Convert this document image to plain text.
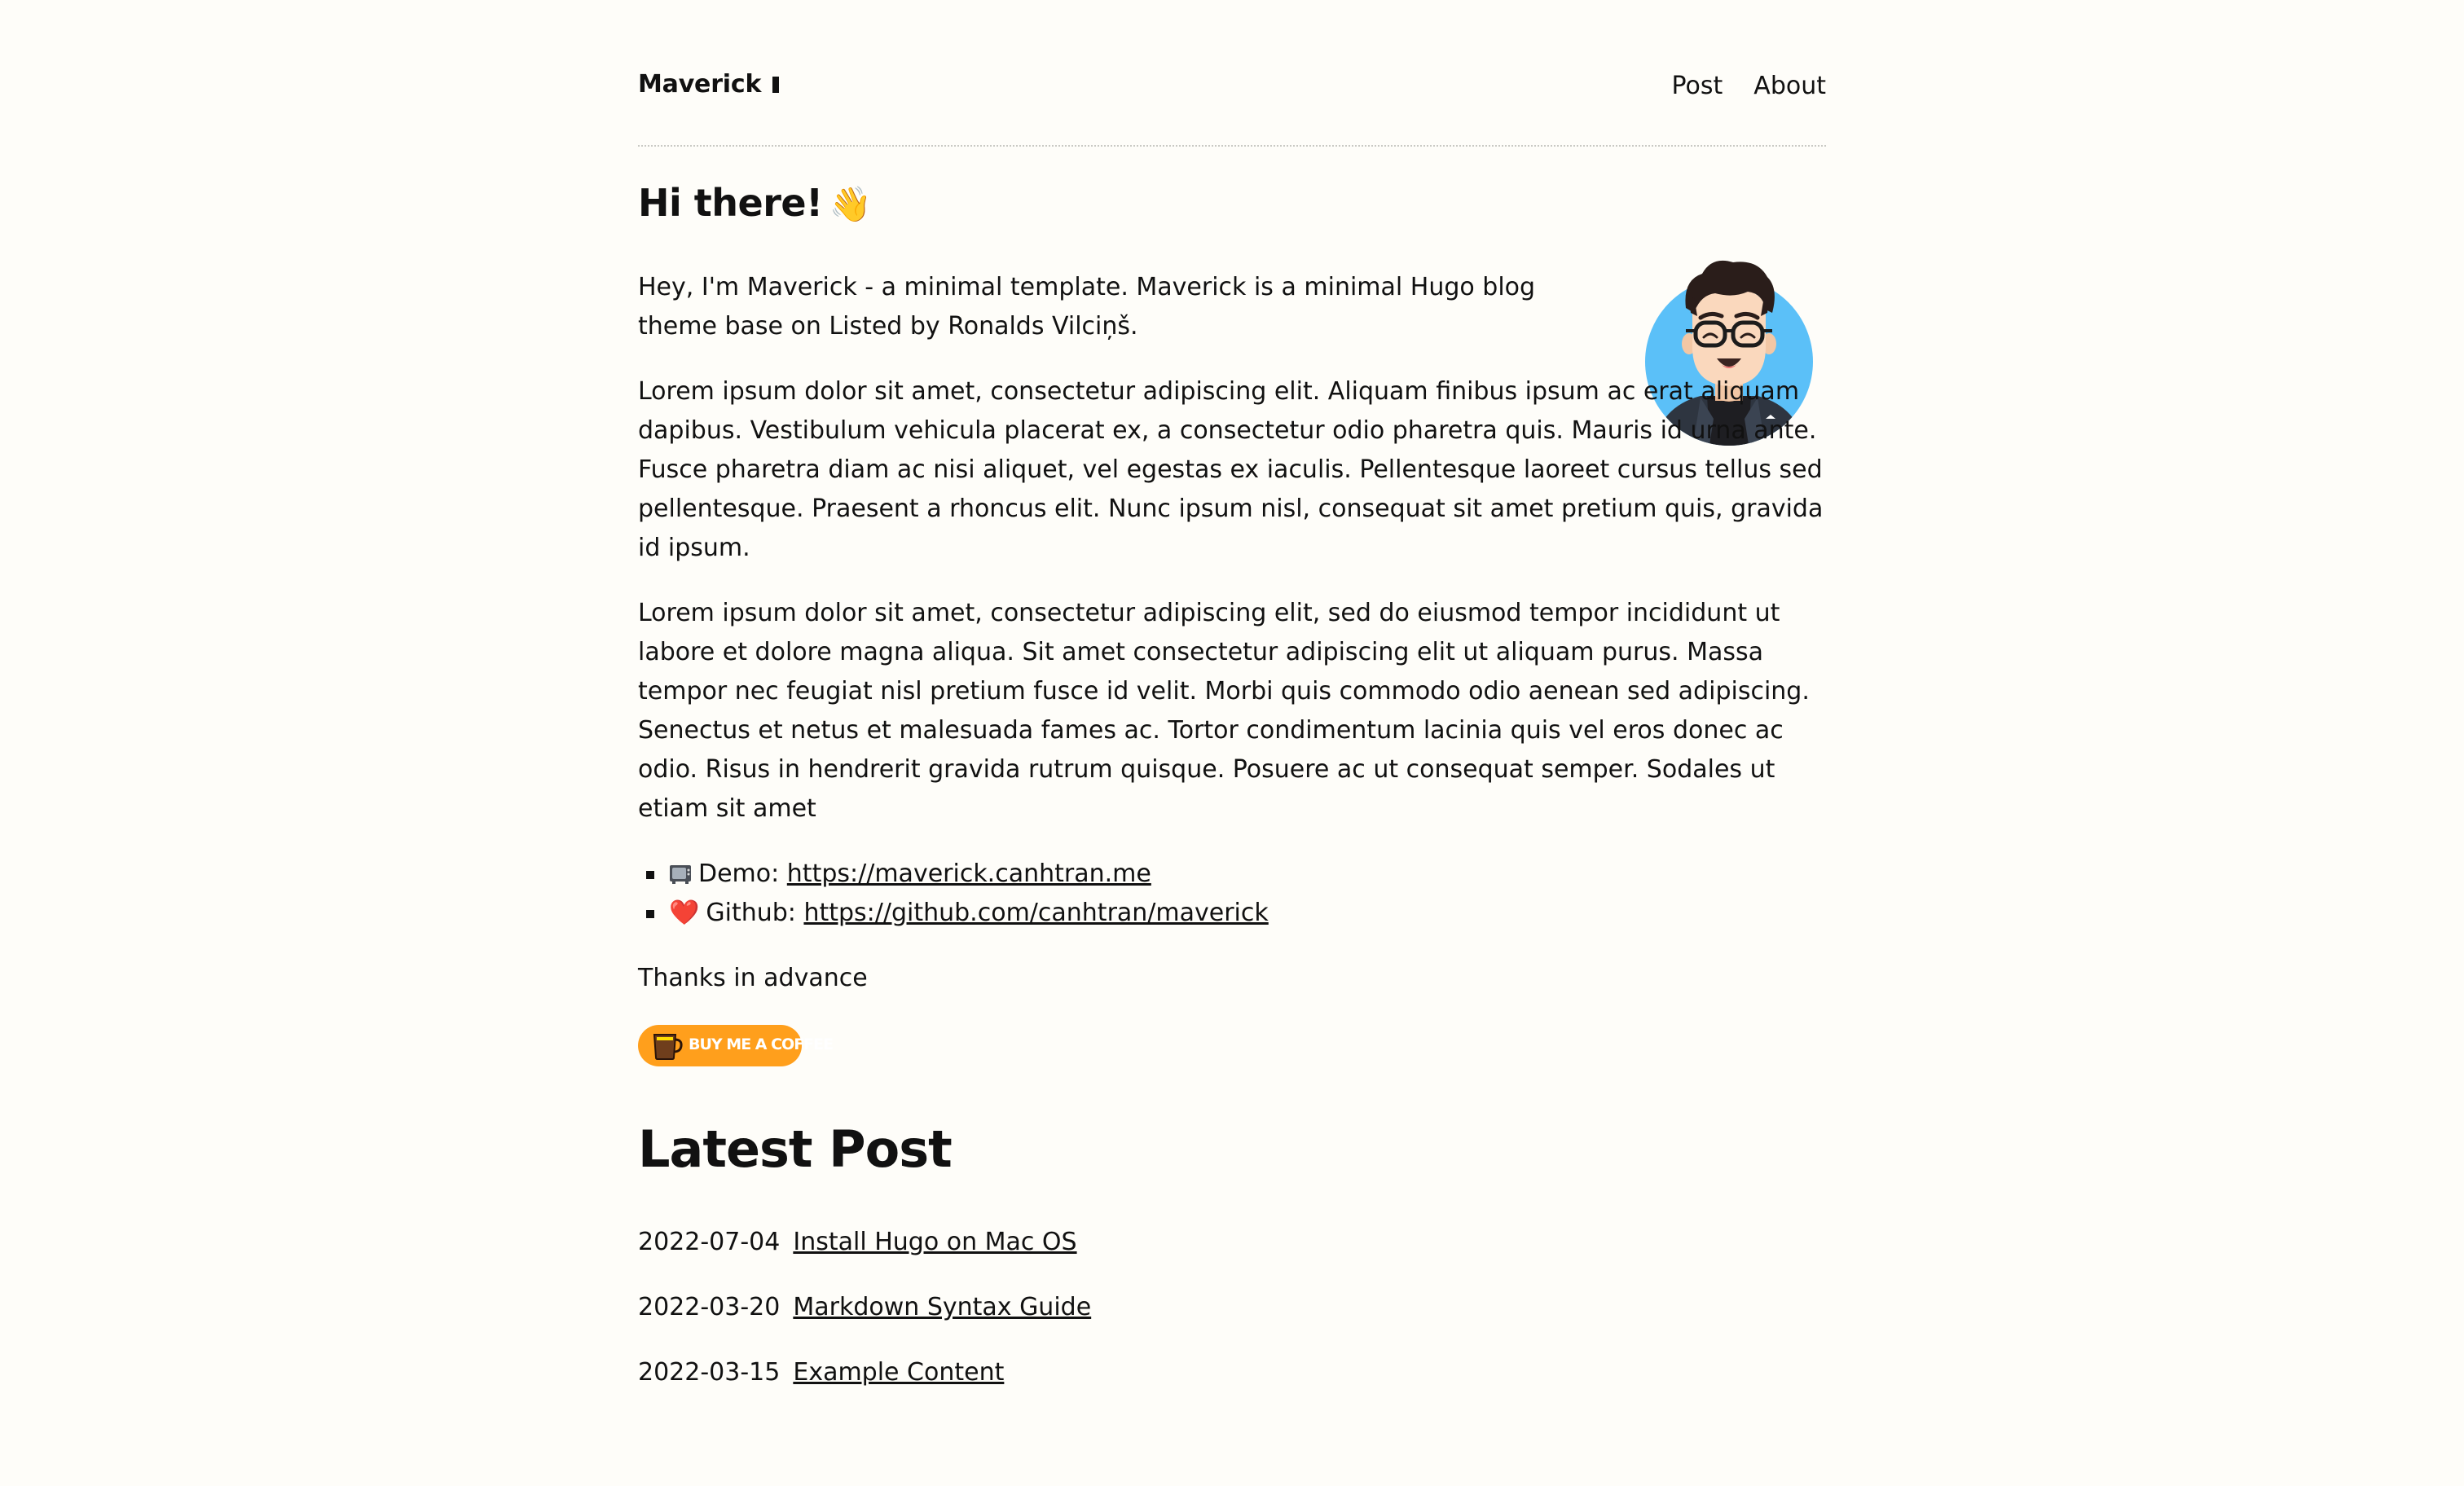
Maverick	Post About
Hi there! 👋

Hey, I'm Maverick - a minimal template. Maverick is a minimal Hugo blog theme base on Listed by Ronalds Vilciņš.

Lorem ipsum dolor sit amet, consectetur adipiscing elit. Aliquam finibus ipsum ac erat aliquam dapibus. Vestibulum vehicula placerat ex, a consectetur odio pharetra quis. Mauris id urna ante. Fusce pharetra diam ac nisi aliquet, vel egestas ex iaculis. Pellentesque laoreet cursus tellus sed pellentesque. Praesent a rhoncus elit. Nunc ipsum nisl, consequat sit amet pretium quis, gravida id ipsum.

Lorem ipsum dolor sit amet, consectetur adipiscing elit, sed do eiusmod tempor incididunt ut labore et dolore magna aliqua. Sit amet consectetur adipiscing elit ut aliquam purus. Massa tempor nec feugiat nisl pretium fusce id velit. Morbi quis commodo odio aenean sed adipiscing. Senectus et netus et malesuada fames ac. Tortor condimentum lacinia quis vel eros donec ac odio. Risus in hendrerit gravida rutrum quisque. Posuere ac ut consequat semper. Sodales ut etiam sit amet

Demo: https://maverick.canhtran.me
❤️ Github: https://github.com/canhtran/maverick

Thanks in advance

BUY ME A COFFEE
Latest Post
2022-07-04 Install Hugo on Mac OS
2022-03-20 Markdown Syntax Guide
2022-03-15 Example Content
